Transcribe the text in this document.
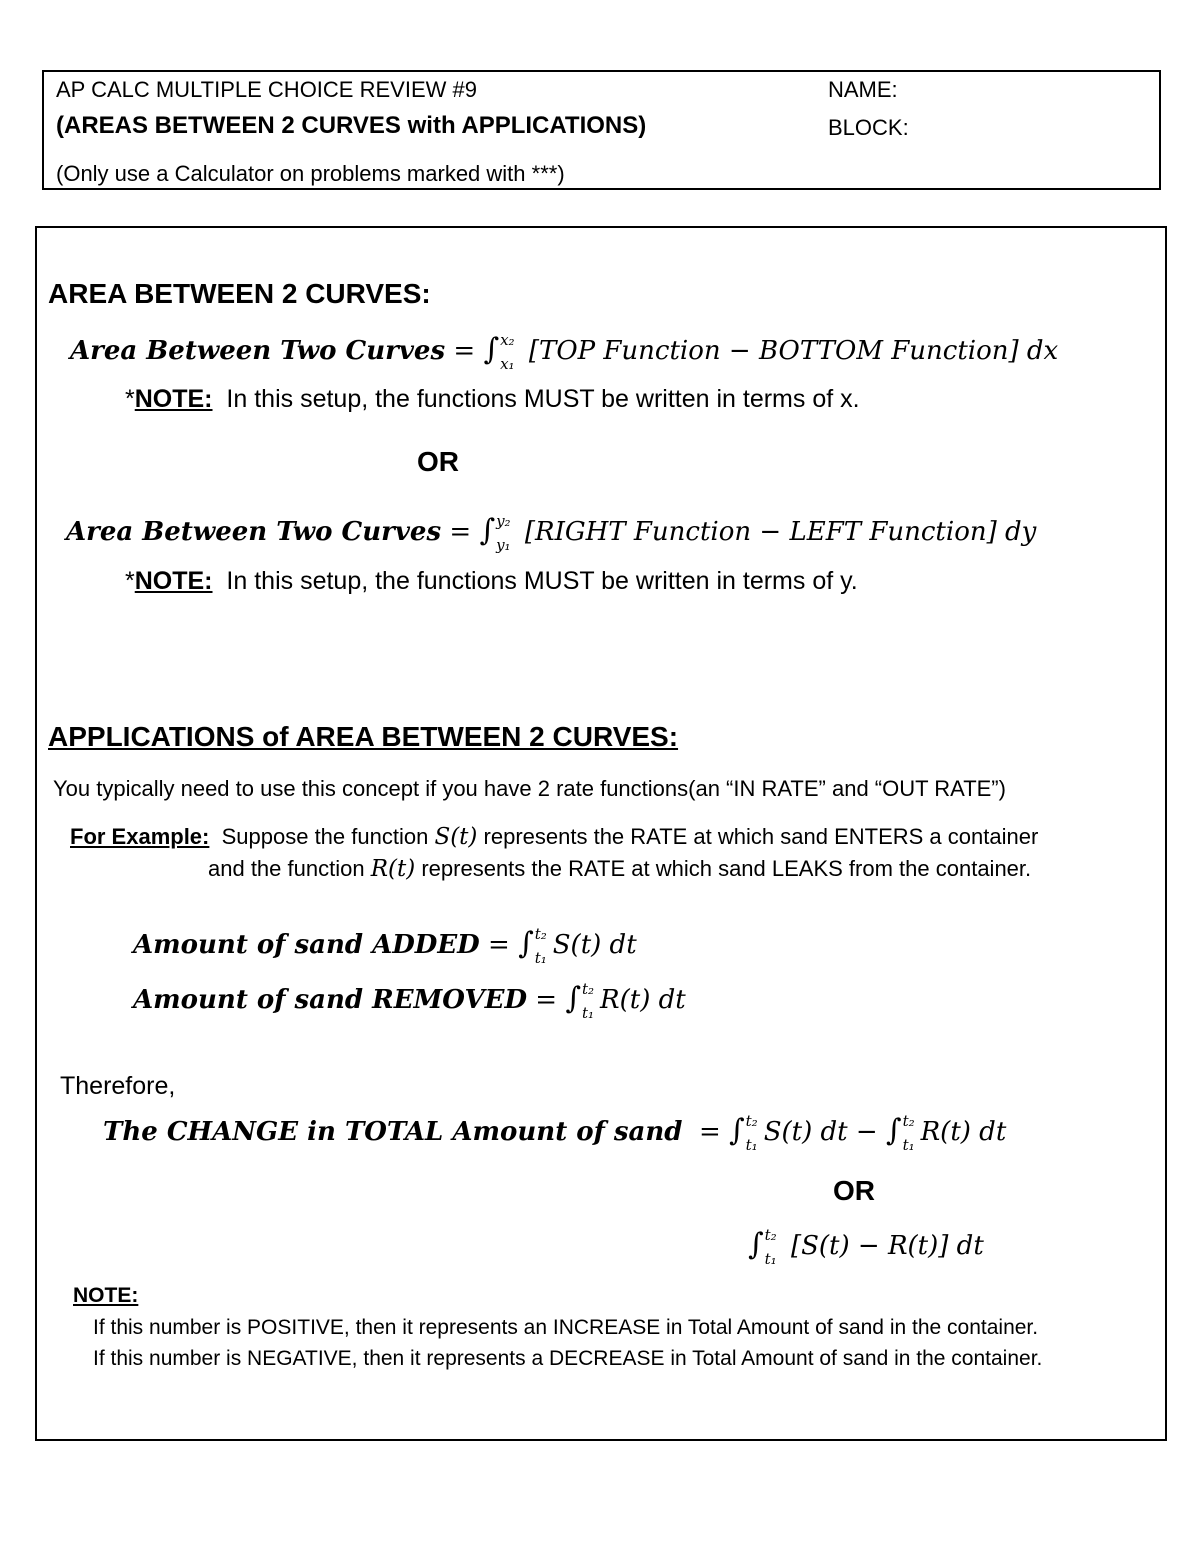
AP CALC MULTIPLE CHOICE REVIEW #9
(AREAS BETWEEN 2 CURVES with APPLICATIONS)
(Only use a Calculator on problems marked with ***)
NAME:
BLOCK:
AREA BETWEEN 2 CURVES:
Area Between Two Curves = ∫ x₂
x₁ [TOP Function − BOTTOM Function] dx
*NOTE: In this setup, the functions MUST be written in terms of x.
OR
Area Between Two Curves = ∫ y₂
y₁ [RIGHT Function − LEFT Function] dy
*NOTE: In this setup, the functions MUST be written in terms of y.
APPLICATIONS of AREA BETWEEN 2 CURVES:
You typically need to use this concept if you have 2 rate functions(an “IN RATE” and “OUT RATE”)
For Example: Suppose the function S(t) represents the RATE at which sand ENTERS a container
and the function R(t) represents the RATE at which sand LEAKS from the container.
Amount of sand ADDED = ∫ t₂
t₁ S(t) dt
Amount of sand REMOVED = ∫ t₂
t₁ R(t) dt
Therefore,
The CHANGE in TOTAL Amount of sand = ∫ t₂
t₁ S(t) dt − ∫ t₂
t₁ R(t) dt
OR
∫ t₂
t₁ [S(t) − R(t)] dt
NOTE:
If this number is POSITIVE, then it represents an INCREASE in Total Amount of sand in the container.
If this number is NEGATIVE, then it represents a DECREASE in Total Amount of sand in the container.
